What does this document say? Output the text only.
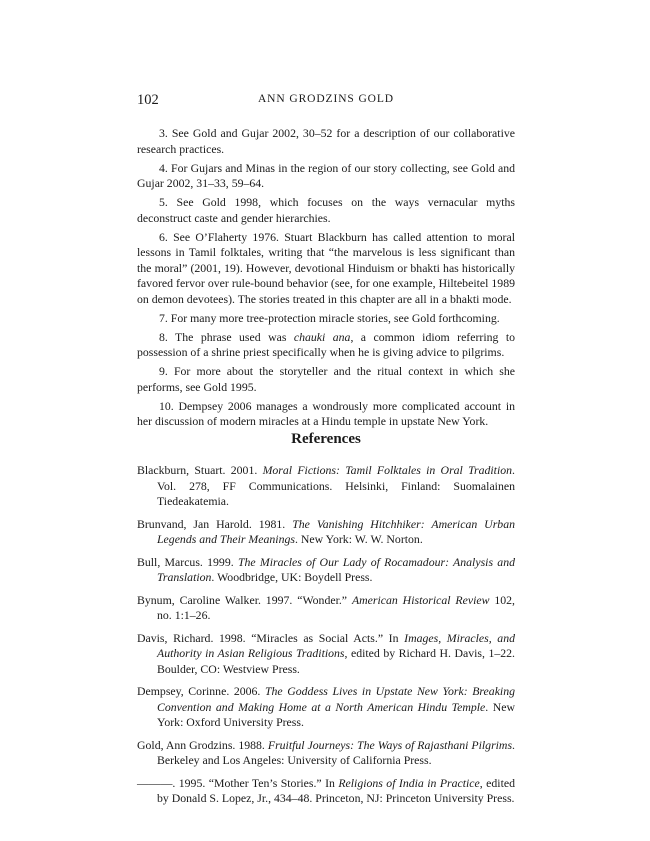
102	ANN GRODZINS GOLD

3. See Gold and Gujar 2002, 30–52 for a description of our collaborative research practices.

4. For Gujars and Minas in the region of our story collecting, see Gold and Gujar 2002, 31–33, 59–64.

5. See Gold 1998, which focuses on the ways vernacular myths deconstruct caste and gender hierarchies.

6. See O’Flaherty 1976. Stuart Blackburn has called attention to moral lessons in Tamil folktales, writing that “the marvelous is less significant than the moral” (2001, 19). However, devotional Hinduism or bhakti has historically favored fervor over rule-bound behavior (see, for one example, Hiltebeitel 1989 on demon devotees). The stories treated in this chapter are all in a bhakti mode.

7. For many more tree-protection miracle stories, see Gold forthcoming.

8. The phrase used was chauki ana, a common idiom referring to possession of a shrine priest specifically when he is giving advice to pilgrims.

9. For more about the storyteller and the ritual context in which she performs, see Gold 1995.

10. Dempsey 2006 manages a wondrously more complicated account in her discussion of modern miracles at a Hindu temple in upstate New York.

References

Blackburn, Stuart. 2001. Moral Fictions: Tamil Folktales in Oral Tradition. Vol. 278, FF Communications. Helsinki, Finland: Suomalainen Tiedeakatemia.

Brunvand, Jan Harold. 1981. The Vanishing Hitchhiker: American Urban Legends and Their Meanings. New York: W. W. Norton.

Bull, Marcus. 1999. The Miracles of Our Lady of Rocamadour: Analysis and Translation. Woodbridge, UK: Boydell Press.

Bynum, Caroline Walker. 1997. “Wonder.” American Historical Review 102, no. 1:1–26.

Davis, Richard. 1998. “Miracles as Social Acts.” In Images, Miracles, and Authority in Asian Religious Traditions, edited by Richard H. Davis, 1–22. Boulder, CO: Westview Press.

Dempsey, Corinne. 2006. The Goddess Lives in Upstate New York: Breaking Convention and Making Home at a North American Hindu Temple. New York: Oxford University Press.

Gold, Ann Grodzins. 1988. Fruitful Journeys: The Ways of Rajasthani Pilgrims. Berkeley and Los Angeles: University of California Press.

———. 1995. “Mother Ten’s Stories.” In Religions of India in Practice, edited by Donald S. Lopez, Jr., 434–48. Princeton, NJ: Princeton University Press.
